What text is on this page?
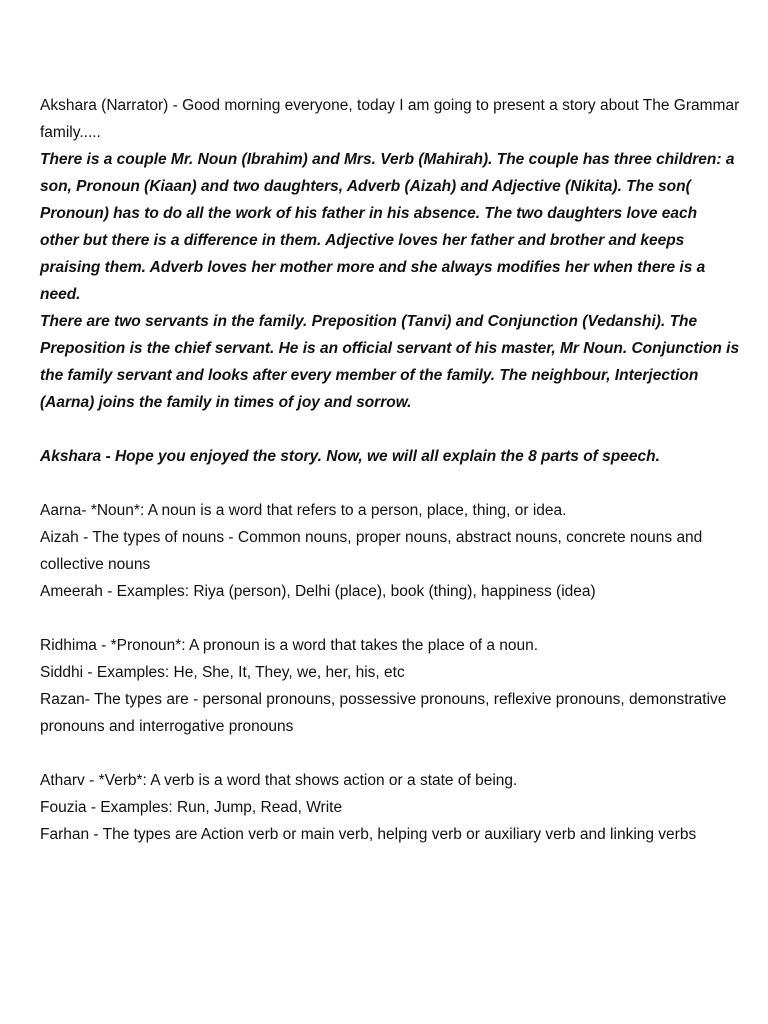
Akshara (Narrator) - Good morning everyone, today I am going to present a story about The Grammar family.....

There is a couple Mr. Noun (Ibrahim) and Mrs. Verb (Mahirah). The couple has three children: a son, Pronoun (Kiaan) and two daughters, Adverb (Aizah) and Adjective (Nikita). The son( Pronoun) has to do all the work of his father in his absence. The two daughters love each other but there is a difference in them. Adjective loves her father and brother and keeps praising them. Adverb loves her mother more and she always modifies her when there is a need.

There are two servants in the family. Preposition (Tanvi) and Conjunction (Vedanshi). The Preposition is the chief servant. He is an official servant of his master, Mr Noun. Conjunction is the family servant and looks after every member of the family. The neighbour, Interjection (Aarna) joins the family in times of joy and sorrow.

Akshara - Hope you enjoyed the story. Now, we will all explain the 8 parts of speech.

Aarna- *Noun*: A noun is a word that refers to a person, place, thing, or idea.

Aizah - The types of nouns - Common nouns, proper nouns, abstract nouns, concrete nouns and collective nouns

Ameerah - Examples: Riya (person), Delhi (place), book (thing), happiness (idea)

Ridhima - *Pronoun*: A pronoun is a word that takes the place of a noun.

Siddhi - Examples: He, She, It, They, we, her, his, etc

Razan- The types are - personal pronouns, possessive pronouns, reflexive pronouns, demonstrative pronouns and interrogative pronouns

Atharv - *Verb*: A verb is a word that shows action or a state of being.

Fouzia - Examples: Run, Jump, Read, Write

Farhan - The types are Action verb or main verb, helping verb or auxiliary verb and linking verbs
